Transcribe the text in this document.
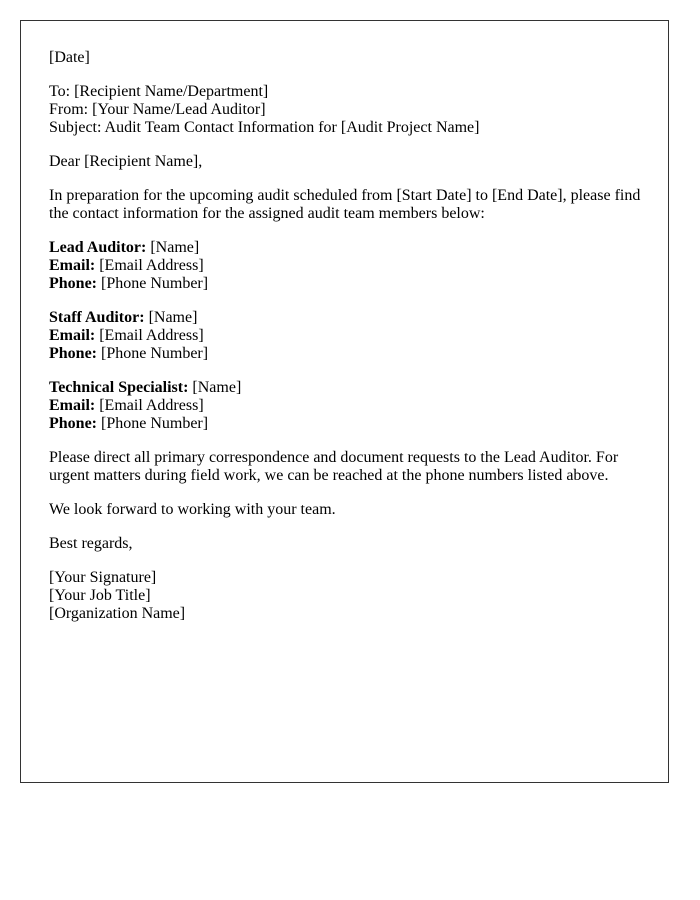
[Date]

To: [Recipient Name/Department]
From: [Your Name/Lead Auditor]
Subject: Audit Team Contact Information for [Audit Project Name]

Dear [Recipient Name],

In preparation for the upcoming audit scheduled from [Start Date] to [End Date], please find the contact information for the assigned audit team members below:

Lead Auditor: [Name]
Email: [Email Address]
Phone: [Phone Number]

Staff Auditor: [Name]
Email: [Email Address]
Phone: [Phone Number]

Technical Specialist: [Name]
Email: [Email Address]
Phone: [Phone Number]

Please direct all primary correspondence and document requests to the Lead Auditor. For urgent matters during field work, we can be reached at the phone numbers listed above.

We look forward to working with your team.

Best regards,

[Your Signature]
[Your Job Title]
[Organization Name]
